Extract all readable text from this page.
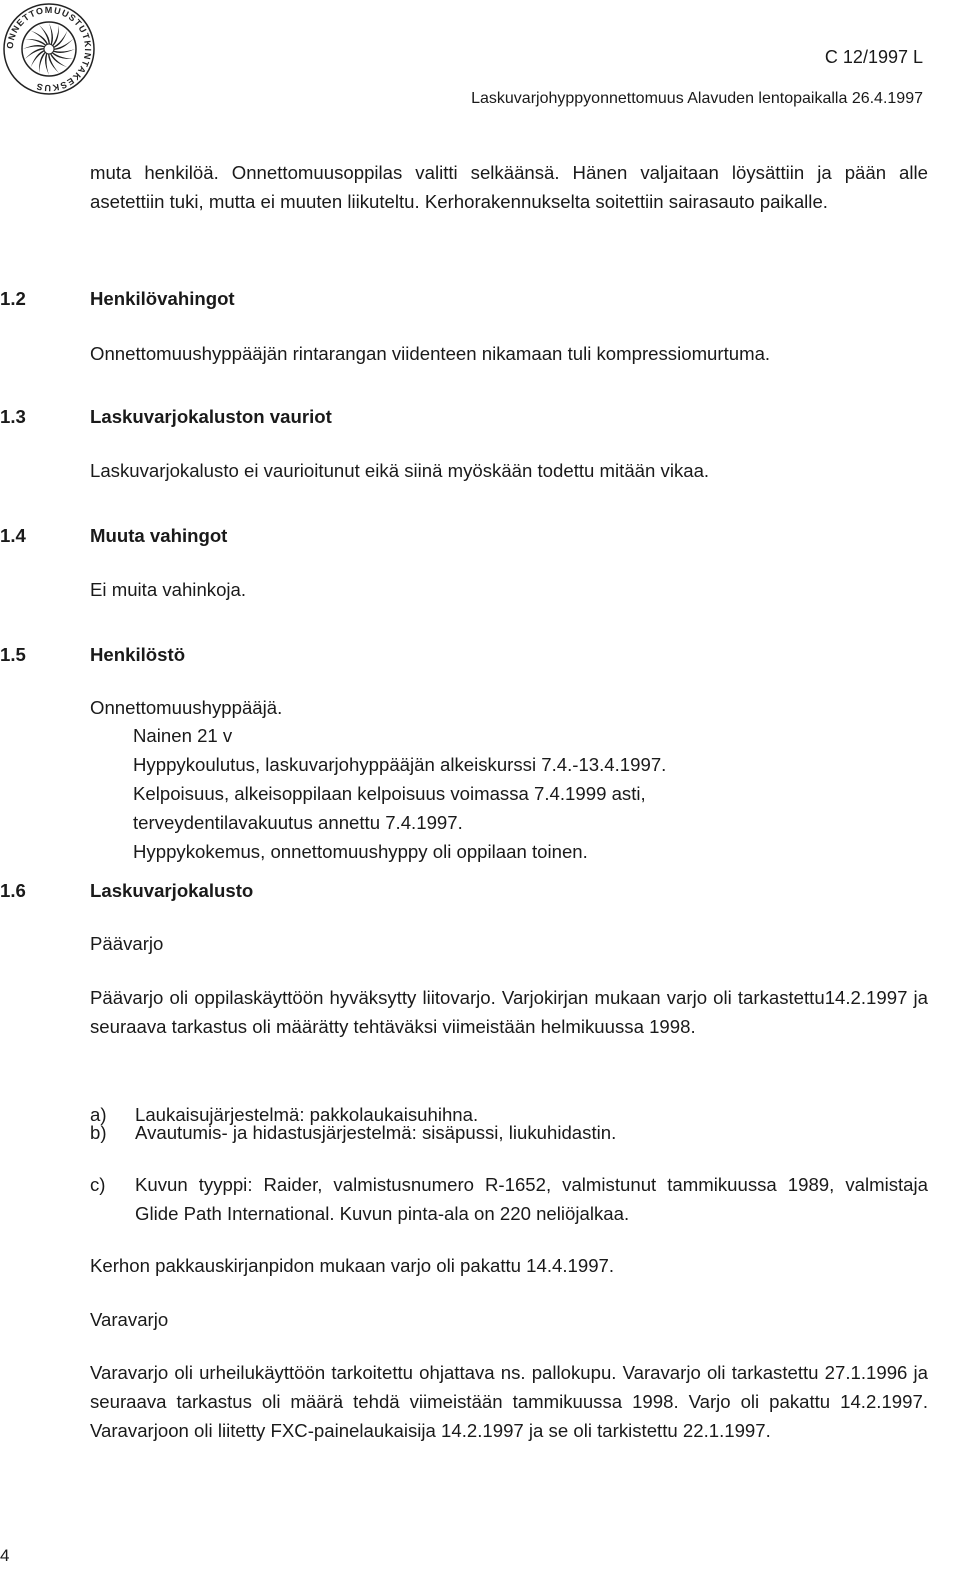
ONNETTOMUUSTUTKINTAKESKUS
C 12/1997 L
Laskuvarjohyppyonnettomuus Alavuden lentopaikalla 26.4.1997
muta henkilöä. Onnettomuusoppilas valitti selkäänsä. Hänen valjaitaan löysättiin ja pään alle asetettiin tuki, mutta ei muuten liikuteltu. Kerhorakennukselta soitettiin sairasauto paikalle.
1.2	Henkilövahingot
Onnettomuushyppääjän rintarangan viidenteen nikamaan tuli kompressiomurtuma.
1.3	Laskuvarjokaluston vauriot
Laskuvarjokalusto ei vaurioitunut eikä siinä myöskään todettu mitään vikaa.
1.4	Muuta vahingot
Ei muita vahinkoja.
1.5	Henkilöstö
Onnettomuushyppääjä.
Nainen 21 v
Hyppykoulutus, laskuvarjohyppääjän alkeiskurssi 7.4.-13.4.1997.
Kelpoisuus, alkeisoppilaan kelpoisuus voimassa 7.4.1999 asti,
terveydentilavakuutus annettu 7.4.1997.
Hyppykokemus, onnettomuushyppy oli oppilaan toinen.
1.6	Laskuvarjokalusto
Päävarjo
Päävarjo oli oppilaskäyttöön hyväksytty liitovarjo. Varjokirjan mukaan varjo oli tarkastettu14.2.1997 ja seuraava tarkastus oli määrätty tehtäväksi viimeistään helmikuussa 1998.
a) Laukaisujärjestelmä: pakkolaukaisuhihna.
b) Avautumis- ja hidastusjärjestelmä: sisäpussi, liukuhidastin.
c) Kuvun tyyppi: Raider, valmistusnumero R-1652, valmistunut tammikuussa 1989, valmistaja Glide Path International. Kuvun pinta-ala on 220 neliöjalkaa.
Kerhon pakkauskirjanpidon mukaan varjo oli pakattu 14.4.1997.
Varavarjo
Varavarjo oli urheilukäyttöön tarkoitettu ohjattava ns. pallokupu. Varavarjo oli tarkastettu 27.1.1996 ja seuraava tarkastus oli määrä tehdä viimeistään tammikuussa 1998. Varjo oli pakattu 14.2.1997. Varavarjoon oli liitetty FXC-painelaukaisija 14.2.1997 ja se oli tarkistettu 22.1.1997.
4
